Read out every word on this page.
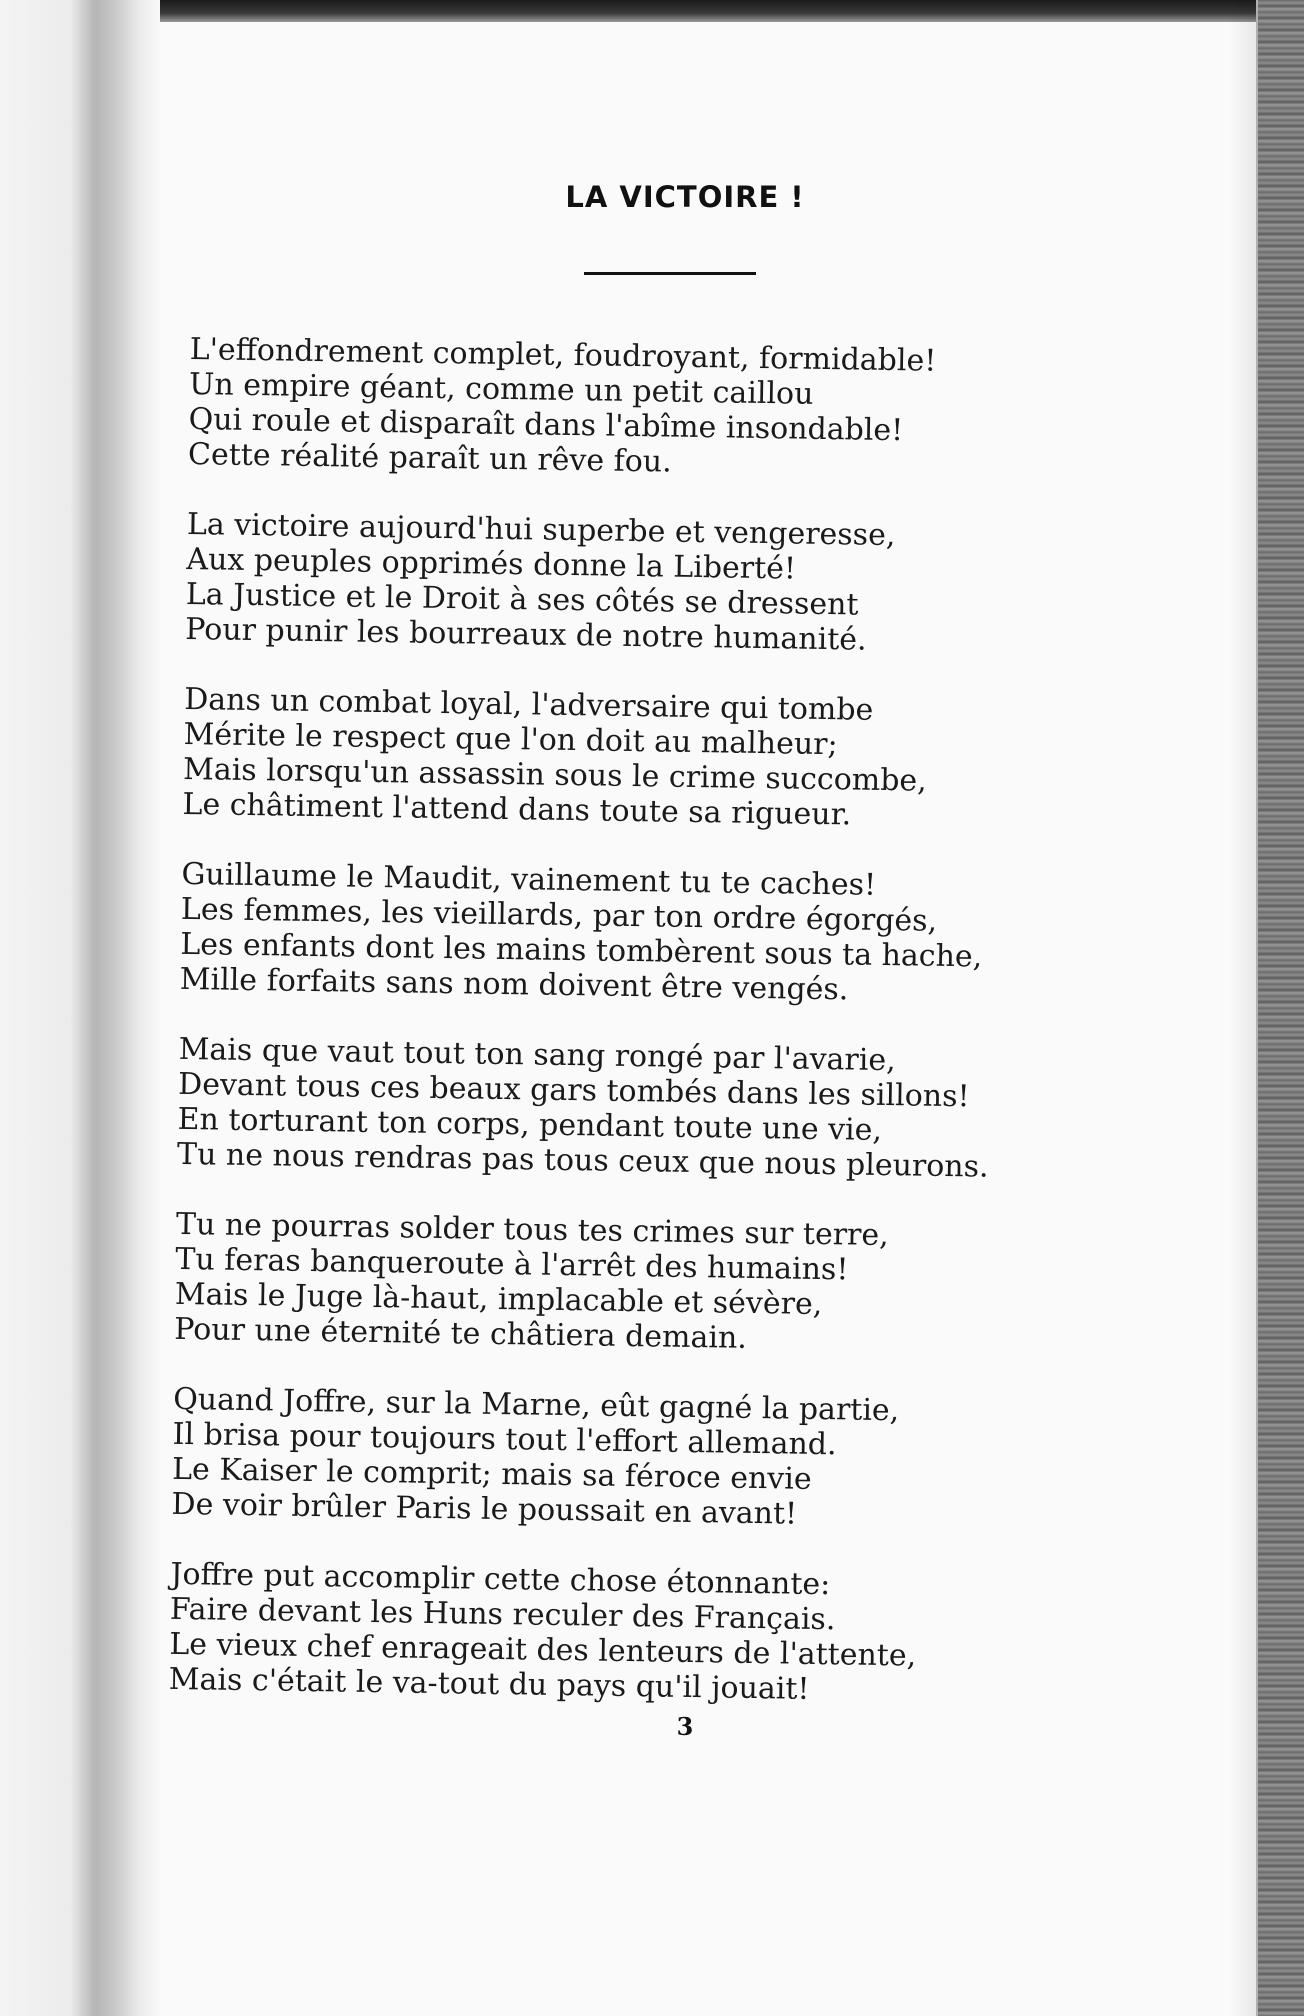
LA VICTOIRE !
L'effondrement complet, foudroyant, formidable!
Un empire géant, comme un petit caillou
Qui roule et disparaît dans l'abîme insondable!
Cette réalité paraît un rêve fou.
La victoire aujourd'hui superbe et vengeresse,
Aux peuples opprimés donne la Liberté!
La Justice et le Droit à ses côtés se dressent
Pour punir les bourreaux de notre humanité.
Dans un combat loyal, l'adversaire qui tombe
Mérite le respect que l'on doit au malheur;
Mais lorsqu'un assassin sous le crime succombe,
Le châtiment l'attend dans toute sa rigueur.
Guillaume le Maudit, vainement tu te caches!
Les femmes, les vieillards, par ton ordre égorgés,
Les enfants dont les mains tombèrent sous ta hache,
Mille forfaits sans nom doivent être vengés.
Mais que vaut tout ton sang rongé par l'avarie,
Devant tous ces beaux gars tombés dans les sillons!
En torturant ton corps, pendant toute une vie,
Tu ne nous rendras pas tous ceux que nous pleurons.
Tu ne pourras solder tous tes crimes sur terre,
Tu feras banqueroute à l'arrêt des humains!
Mais le Juge là-haut, implacable et sévère,
Pour une éternité te châtiera demain.
Quand Joffre, sur la Marne, eût gagné la partie,
Il brisa pour toujours tout l'effort allemand.
Le Kaiser le comprit; mais sa féroce envie
De voir brûler Paris le poussait en avant!
Joffre put accomplir cette chose étonnante:
Faire devant les Huns reculer des Français.
Le vieux chef enrageait des lenteurs de l'attente,
Mais c'était le va-tout du pays qu'il jouait!
3
